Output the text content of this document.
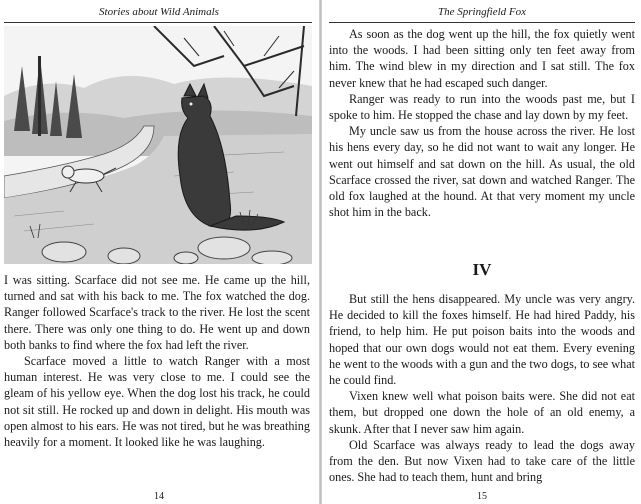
Stories about Wild Animals

I was sitting. Scarface did not see me. He came up the hill, turned and sat with his back to me. The fox watched the dog. Ranger followed Scarface's track to the river. He lost the scent there. There was only one thing to do. He went up and down both banks to find where the fox had left the river.

Scarface moved a little to watch Ranger with a most human interest. He was very close to me. I could see the gleam of his yellow eye. When the dog lost his track, he could not sit still. He rocked up and down in delight. His mouth was open almost to his ears. He was not tired, but he was breathing heavily for a moment. It looked like he was laughing.

14
The Springfield Fox

As soon as the dog went up the hill, the fox quietly went into the woods. I had been sitting only ten feet away from him. The wind blew in my direction and I sat still. The fox never knew that he had escaped such danger.

Ranger was ready to run into the woods past me, but I spoke to him. He stopped the chase and lay down by my feet.

My uncle saw us from the house across the river. He lost his hens every day, so he did not want to wait any longer. He went out himself and sat down on the hill. As usual, the old Scarface crossed the river, sat down and watched Ranger. The old fox laughed at the hound. At that very moment my uncle shot him in the back.

IV

But still the hens disappeared. My uncle was very angry. He decided to kill the foxes himself. He had hired Paddy, his friend, to help him. He put poison baits into the woods and hoped that our own dogs would not eat them. Every evening he went to the woods with a gun and the two dogs, to see what he could find.

Vixen knew well what poison baits were. She did not eat them, but dropped one down the hole of an old enemy, a skunk. After that I never saw him again.

Old Scarface was always ready to lead the dogs away from the den. But now Vixen had to take care of the little ones. She had to teach them, hunt and bring

15
